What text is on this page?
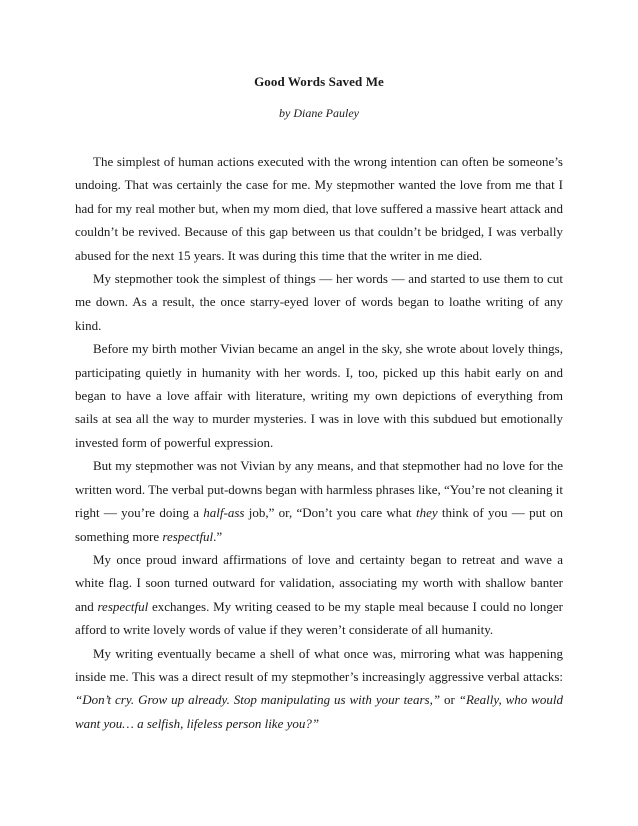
Good Words Saved Me
by Diane Pauley

The simplest of human actions executed with the wrong intention can often be someone’s undoing. That was certainly the case for me. My stepmother wanted the love from me that I had for my real mother but, when my mom died, that love suffered a massive heart attack and couldn’t be revived. Because of this gap between us that couldn’t be bridged, I was verbally abused for the next 15 years. It was during this time that the writer in me died.

My stepmother took the simplest of things — her words — and started to use them to cut me down. As a result, the once starry-eyed lover of words began to loathe writing of any kind.

Before my birth mother Vivian became an angel in the sky, she wrote about lovely things, participating quietly in humanity with her words. I, too, picked up this habit early on and began to have a love affair with literature, writing my own depictions of everything from sails at sea all the way to murder mysteries. I was in love with this subdued but emotionally invested form of powerful expression.

But my stepmother was not Vivian by any means, and that stepmother had no love for the written word. The verbal put-downs began with harmless phrases like, “You’re not cleaning it right — you’re doing a half-ass job,” or, “Don’t you care what they think of you — put on something more respectful.”

My once proud inward affirmations of love and certainty began to retreat and wave a white flag. I soon turned outward for validation, associating my worth with shallow banter and respectful exchanges. My writing ceased to be my staple meal because I could no longer afford to write lovely words of value if they weren’t considerate of all humanity.

My writing eventually became a shell of what once was, mirroring what was happening inside me. This was a direct result of my stepmother’s increasingly aggressive verbal attacks: “Don’t cry. Grow up already. Stop manipulating us with your tears,” or “Really, who would want you… a selfish, lifeless person like you?”
